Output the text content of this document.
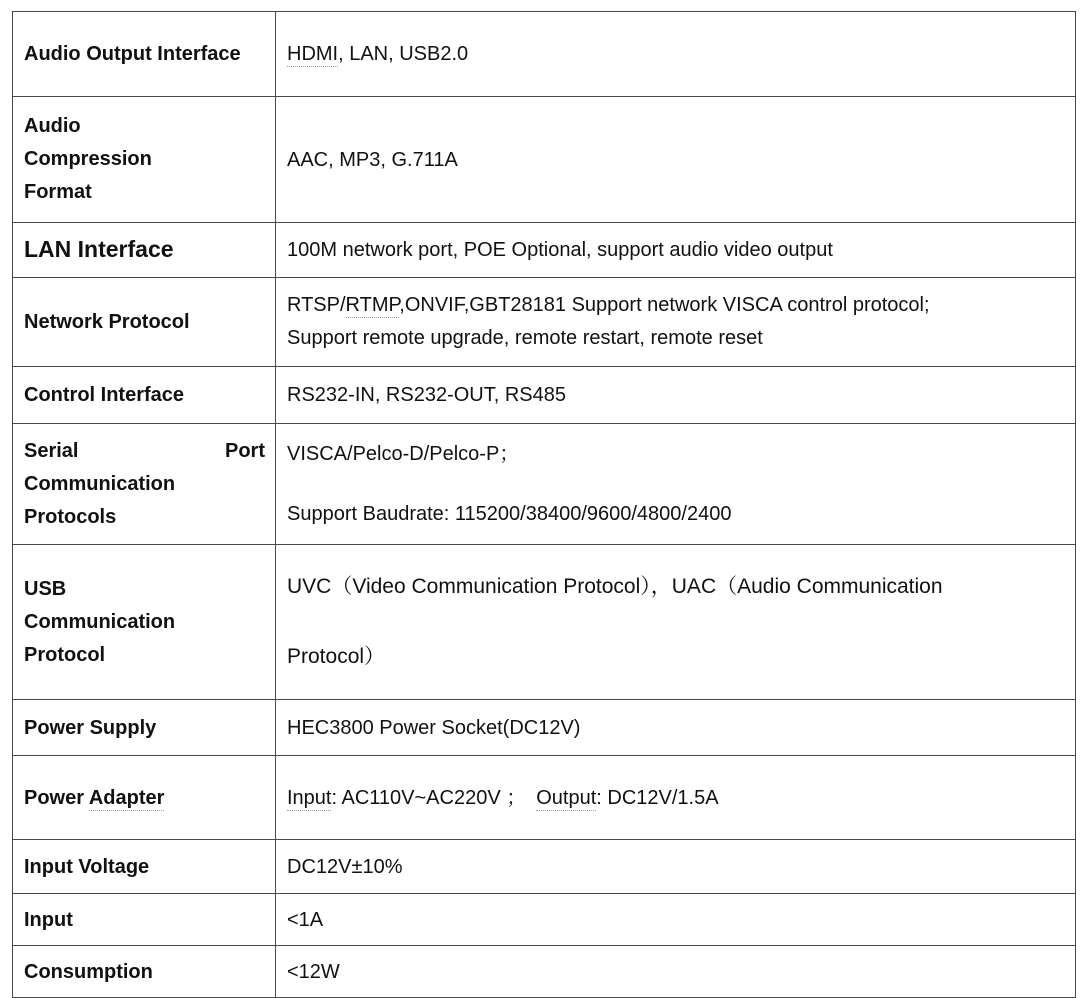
Audio Output Interface	HDMI, LAN, USB2.0

Audio
Compression
Format	AAC, MP3, G.711A
LAN Interface	100M network port, POE Optional, support audio video output
Network Protocol	RTSP/RTMP,ONVIF,GBT28181 Support network VISCA control protocol;
Support remote upgrade, remote restart, remote reset

Control Interface	RS232-IN, RS232-OUT, RS485

Serial Port
Communication
Protocols	VISCA/Pelco-D/Pelco-P；
Support Baudrate: 115200/38400/9600/4800/2400

USB
Communication
Protocol	UVC（Video Communication Protocol），UAC（Audio Communication
Protocol）

Power Supply	HEC3800 Power Socket(DC12V)
Power Adapter	Input: AC110V~AC220V ； Output: DC12V/1.5A
Input Voltage	DC12V±10%
Input	<1A
Consumption	<12W
